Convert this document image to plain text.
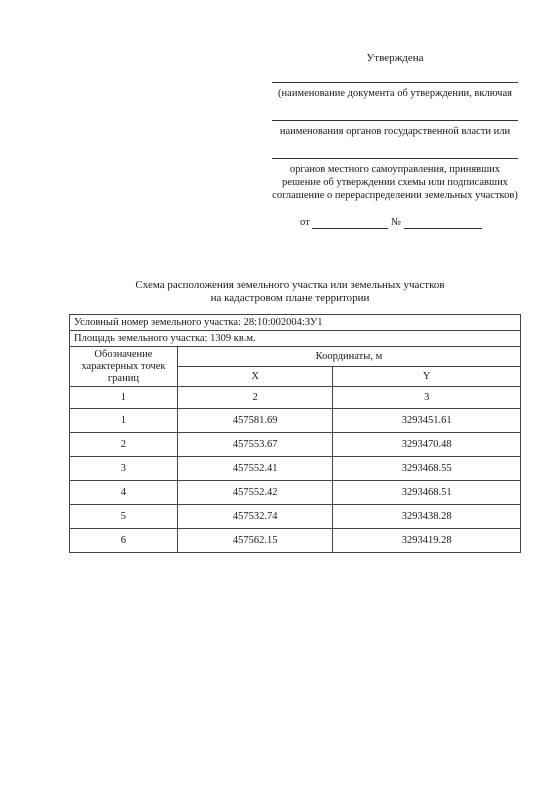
Утверждена
(наименование документа об утверждении, включая
наименования органов государственной власти или
органов местного самоуправления, принявших решение об утверждении схемы или подписавших соглашение о перераспределении земельных участков)
от	№
Схема расположения земельного участка или земельных участков
на кадастровом плане территории
Условный номер земельного участка: 28:10:002004:ЗУ1		
Площадь земельного участка: 1309 кв.м.		
Обозначение характерных точек границ	Координаты, м	
	X	Y
1	2	3
1	457581.69	3293451.61
2	457553.67	3293470.48
3	457552.41	3293468.55
4	457552.42	3293468.51
5	457532.74	3293438.28
6	457562.15	3293419.28
